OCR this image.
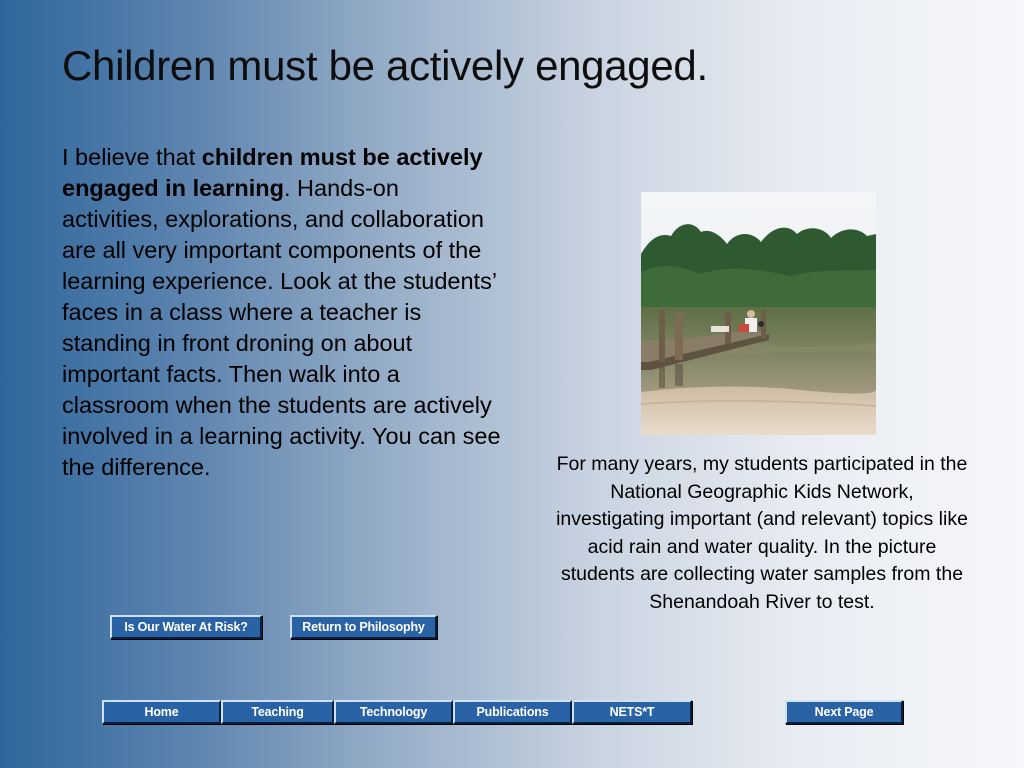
Children must be actively engaged.
I believe that children must be actively engaged in learning. Hands-on activities, explorations, and collaboration are all very important components of the learning experience. Look at the students’ faces in a class where a teacher is standing in front droning on about important facts. Then walk into a classroom when the students are actively involved in a learning activity. You can see the difference.	For many years, my students participated in the National Geographic Kids Network, investigating important (and relevant) topics like acid rain and water quality. In the picture students are collecting water samples from the Shenandoah River to test.
Is Our Water At Risk?	Return to Philosophy
Home	Teaching	Technology	Publications	NETS*T	Next Page
